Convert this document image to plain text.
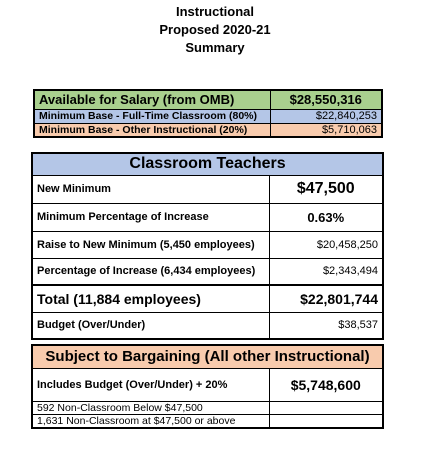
Instructional
Proposed 2020-21
Summary
Available for Salary (from OMB)	$28,550,316
Minimum Base - Full-Time Classroom (80%)	$22,840,253
Minimum Base - Other Instructional (20%)	$5,710,063
Classroom Teachers	
New Minimum	$47,500
Minimum Percentage of Increase	0.63%
Raise to New Minimum (5,450 employees)	$20,458,250
Percentage of Increase (6,434 employees)	$2,343,494
Total (11,884 employees)	$22,801,744
Budget (Over/Under)	$38,537
Subject to Bargaining (All other Instructional)	
Includes Budget (Over/Under) + 20%	$5,748,600
592 Non-Classroom Below $47,500	
1,631 Non-Classroom at $47,500 or above	
